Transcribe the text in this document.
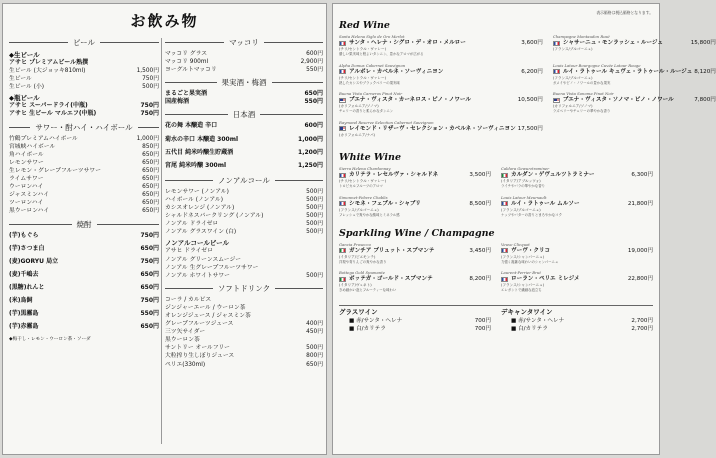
お飲み物
ビール
◆生ビール
アサヒ プレミアムビール熟撰
生ビール (大ジョッキ810ml)	1,500円
生ビール	750円
生ビール (小)	500円
◆瓶ビール
アサヒ スーパードライ(中瓶)	750円
アサヒ 生ビール マルエフ(中瓶)	750円
サワー・酎ハイ・ハイボール
竹鶴プレミアムハイボール	1,000円
宮城峡ハイボール	850円
角ハイボール	650円
レモンサワー	650円
生レモン・グレープフルーツサワー	650円
ライムサワー	650円
ウーロンハイ	650円
ジャスミンハイ	650円
ツーロンハイ	650円
黒ウーロンハイ	650円
焼酎
(芋)もぐら	750円
(芋)さつま白	650円
(麦)GORYU 局立	750円
(麦)千嶋去	650円
(黒糖)れんと	650円
(米)鳥飼	750円
(芋)黒霧島	550円
(芋)赤霧島	650円
◆梅干し・レモン・ウーロン茶・ソーダ
マッコリ
マッコリ グラス	600円
マッコリ 900ml	2,900円
ヨーグルトマッコリ	550円
果実酒・梅酒
まるごと果実酒	650円
国産梅酒	550円
日本酒
花の舞 本醸造 辛口	600円
菊水の辛口 本醸造 300ml	1,000円
五代目 純米吟醸生貯蔵酒	1,200円
宮尾 純米吟醸 300ml	1,250円
ノンアルコール
レモンサワー (ノンアル)	500円
ハイボール (ノンアル)	500円
カシスオレンジ (ノンアル)	500円
シャルドネスパークリング (ノンアル)	500円
ノンアル ドライゼロ	500円
ノンアル グラスワイン (白)	500円
ノンアルコールビール
アサヒ ドライゼロ
ノンアル グリーンスムージー
ノンアル 生グレープフルーツサワー
ノンアル ホワイトサワー	500円
ソフトドリンク
コーラ / カルピス
ジンジャーエール / ウーロン茶
オレンジジュース / ジャスミン茶
グレープフルーツジュース	400円
三ツ矢サイダー	450円
黒ウーロン茶
サントリー オールフリー	500円
大粒搾り生しぼりジュース	800円
ペリエ(330ml)	650円
表示価格は税込価格となります。
Red Wine
Santa Helena Siglo de Oro Merlot
サンタ・ヘレナ・シグロ・デ・オロ・メルロー	3,600円
(チリ/セントラル・ヴァレー)
優しい果実味と程よいタンニン、豊かなアロマが広がる
Alpha Domus Cabernet Sauvignon
アルボレ・カベルネ・ソーヴィニヨン	6,200円
(チリ/セントラル・ヴァレー)
熟したカシスやブラックベリーの果実味
Buena Vista Carneros Pinot Noir
ブエナ・ヴィスタ・カーネロス・ピノ・ノワール	10,500円
(カリフォルニア/ソノマ)
チェリーの香りと柔らかなタンニン
Raymond Reserve Selection Cabernet Sauvignon
レイモンド・リザーヴ・セレクション・カベルネ・ソーヴィニヨン 17,500円
(カリフォルニア/ナパ)
Champagne Montaudon Rosé
シャサーニュ・モンラッシェ・ルージュ	15,800円
(フランス/ブルゴーニュ)
Louis Latour Bourgogne Cuvée Latour Rouge
ルイ・ラトゥール キュヴェ・ラトゥール・ルージュ 8,120円
(フランス/ブルゴーニュ)
ガメイやピノ・ノワールの豊かな果実
Buena Vista Sonoma Pinot Noir
ブエナ・ヴィスタ・ソノマ・ピノ・ノワール	7,800円
(カリフォルニア/ソノマ)
ラズベリーやチェリーの華やかな香り
White Wine
Sierra Helena Chardonnay
カリテラ・レセルヴァ・シャルドネ	3,500円
(チリ/セントラル・ヴァレー)
トロピカルフルーツのアロマ
Simonnet-Febvre Chablis
シモネ・フェブル・シャブリ	8,500円
(フランス/ブルゴーニュ)
フレッシュで爽やかな酸味とミネラル感
Caldora Gewurztraminer
カルダン・ゲヴュルツトラミナー	6,300円
(イタリア/アブルッツォ)
ライチやバラの華やかな香り
Louis Latour Meursault
ルイ・ラトゥール ムルソー	21,800円
(フランス/ブルゴーニュ)
ナッツやバターの香りとまろやかなコク
Sparkling Wine / Champagne
Gancia Prosecco
ガンチア プリュット・スプマンテ	3,450円
(イタリア/ピエモンテ)
洋梨や青りんごの爽やかな香り
Bottega Gold Spumante
ボッテガ・ゴールド・スプマンテ	8,200円
(イタリア/ヴェネト)
きめ細かい泡とフルーティーな味わい
Veuve Clicquot
ヴーヴ・クリコ	19,000円
(フランス/シャンパーニュ)
力強く複雑な味わいのシャンパーニュ
Laurent-Perrier Brut
ローラン・ペリエ ミレジメ	22,800円
(フランス/シャンパーニュ)
エレガントで繊細な泡立ち
グラスワイン
■ 赤/サンタ・ヘレナ	700円
■ 白/カリテラ	700円
デキャンタワイン
■ 赤/サンタ・ヘレナ	2,700円
■ 白/カリテラ	2,700円
